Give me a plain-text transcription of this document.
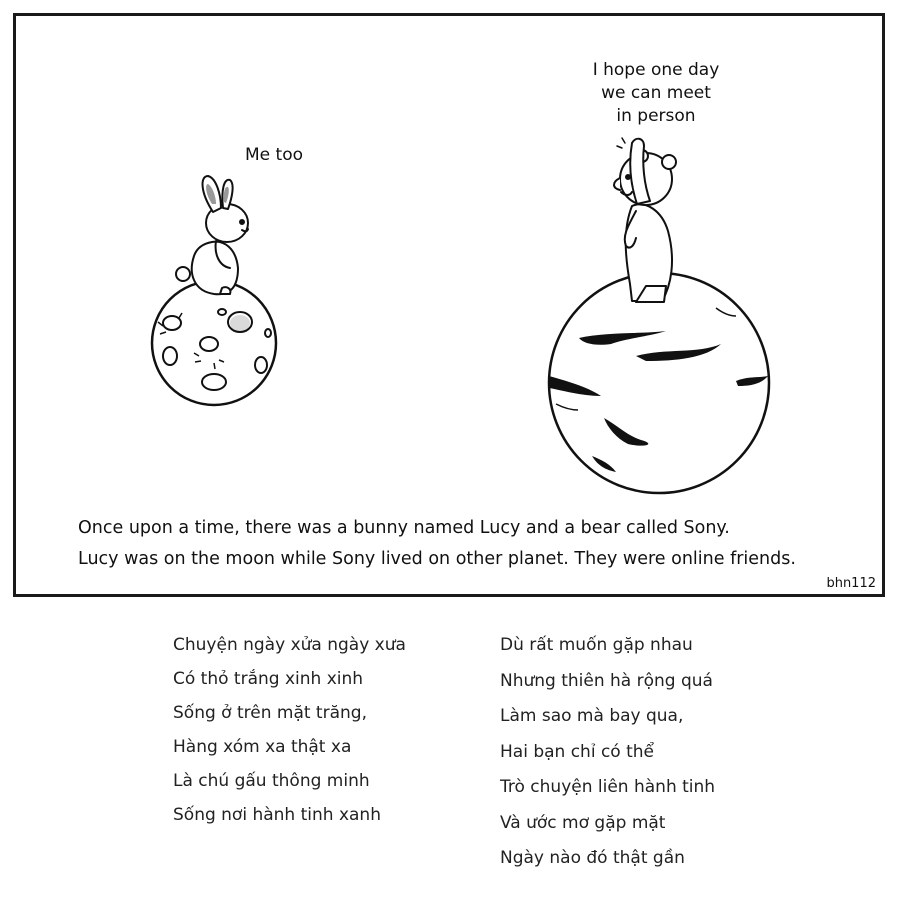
Me too
I hope one day
we can meet
in person
Once upon a time, there was a bunny named Lucy and a bear called Sony.
Lucy was on the moon while Sony lived on other planet. They were online friends.
bhn112
Chuyện ngày xửa ngày xưa
Có thỏ trắng xinh xinh
Sống ở trên mặt trăng,
Hàng xóm xa thật xa
Là chú gấu thông minh
Sống nơi hành tinh xanh
Dù rất muốn gặp nhau
Nhưng thiên hà rộng quá
Làm sao mà bay qua,
Hai bạn chỉ có thể
Trò chuyện liên hành tinh
Và ước mơ gặp mặt
Ngày nào đó thật gần
